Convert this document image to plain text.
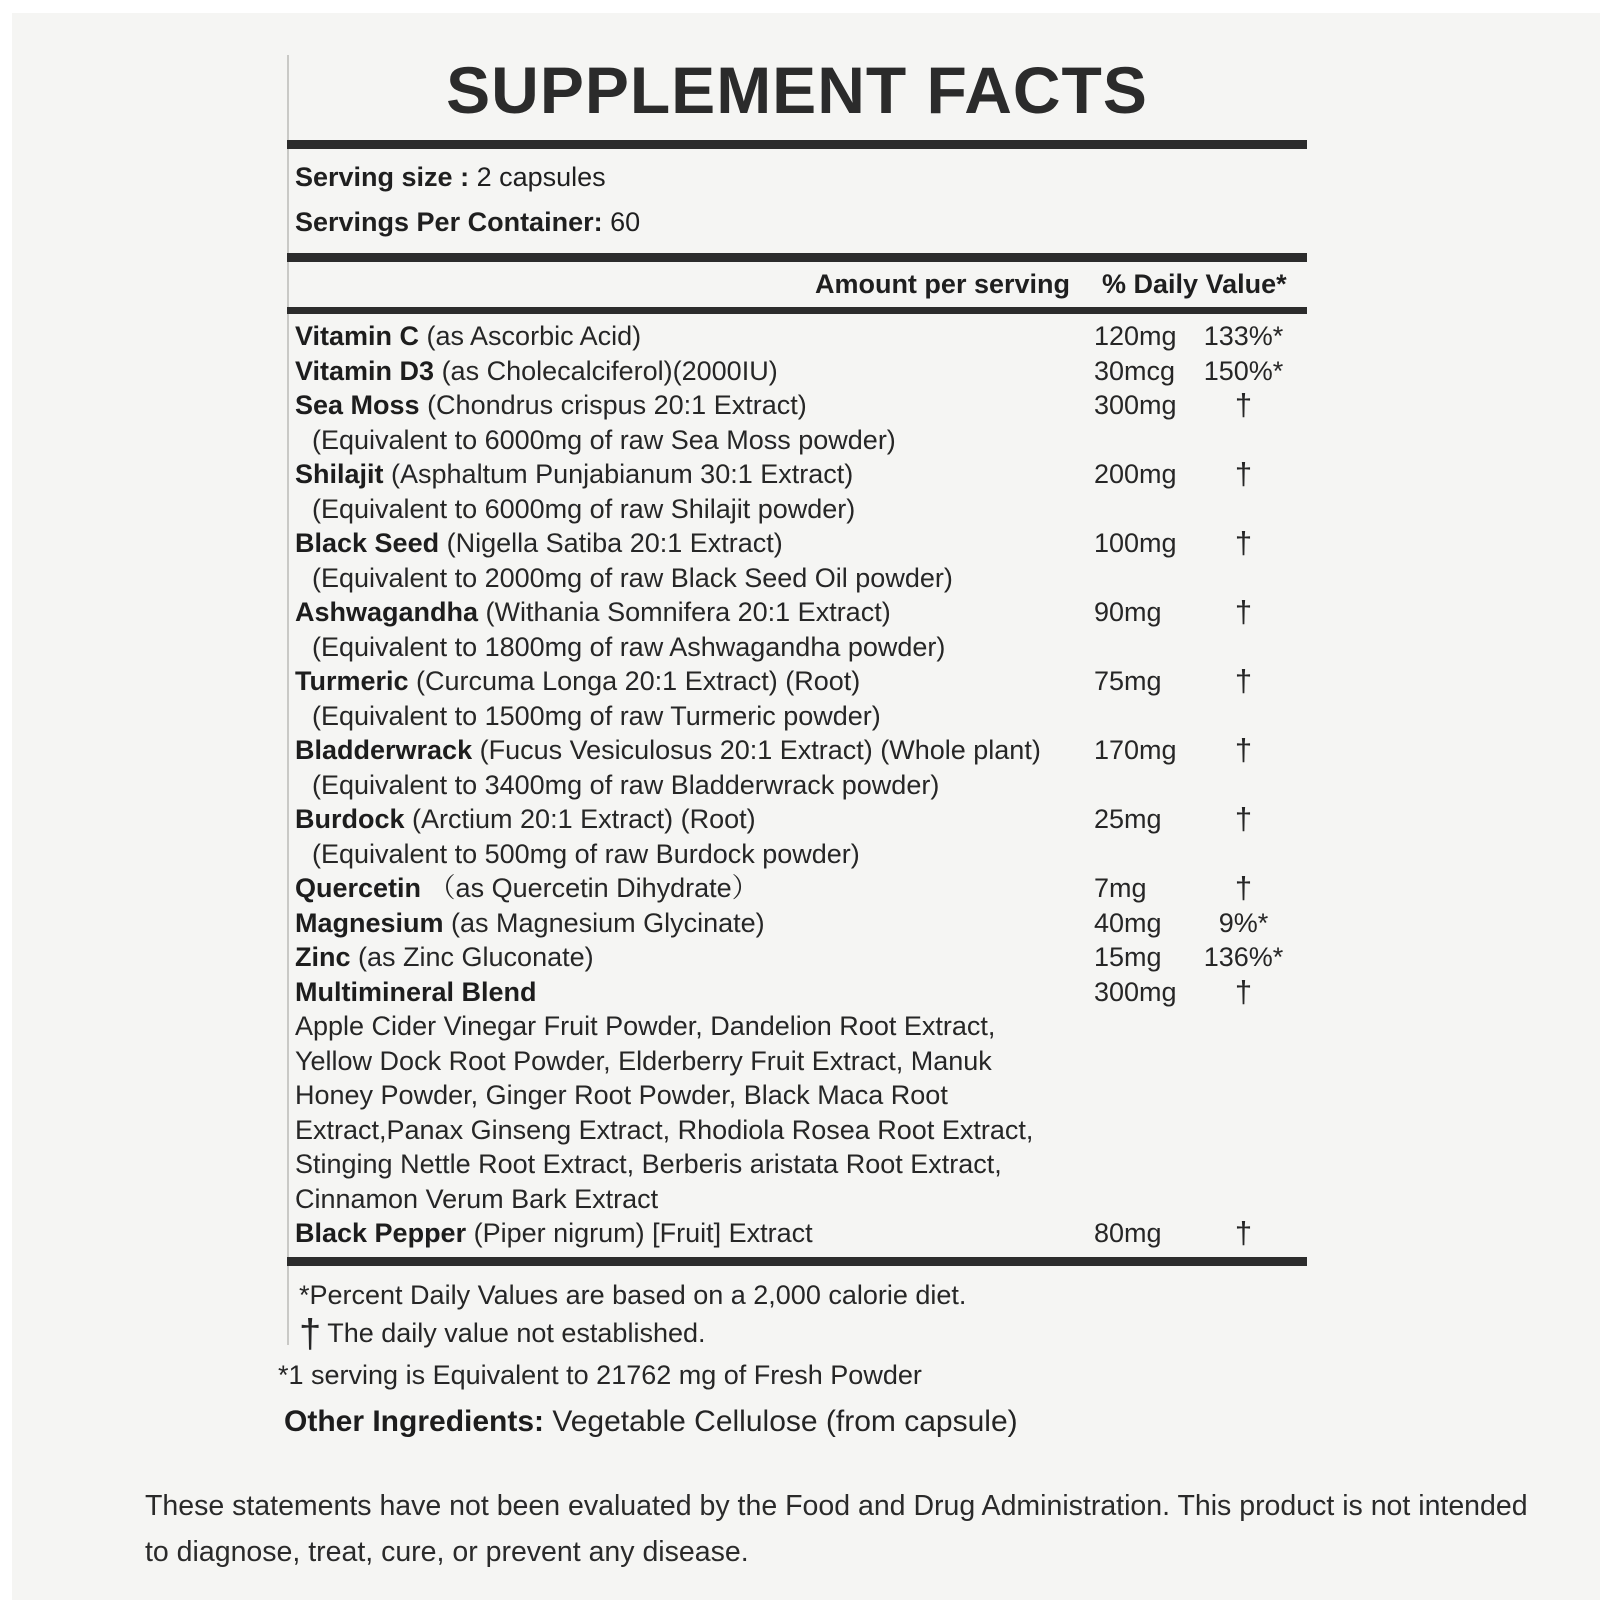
SUPPLEMENT FACTS
Serving size : 2 capsules
Servings Per Container: 60
Amount per serving	% Daily Value*
Vitamin C (as Ascorbic Acid)	120mg	133%*
Vitamin D3 (as Cholecalciferol)(2000IU)	30mcg	150%*
Sea Moss (Chondrus crispus 20:1 Extract)	300mg	†
(Equivalent to 6000mg of raw Sea Moss powder)
Shilajit (Asphaltum Punjabianum 30:1 Extract)	200mg	†
(Equivalent to 6000mg of raw Shilajit powder)
Black Seed (Nigella Satiba 20:1 Extract)	100mg	†
(Equivalent to 2000mg of raw Black Seed Oil powder)
Ashwagandha (Withania Somnifera 20:1 Extract)	90mg	†
(Equivalent to 1800mg of raw Ashwagandha powder)
Turmeric (Curcuma Longa 20:1 Extract) (Root)	75mg	†
(Equivalent to 1500mg of raw Turmeric powder)
Bladderwrack (Fucus Vesiculosus 20:1 Extract) (Whole plant)	170mg	†
(Equivalent to 3400mg of raw Bladderwrack powder)
Burdock (Arctium 20:1 Extract) (Root)	25mg	†
(Equivalent to 500mg of raw Burdock powder)
Quercetin （as Quercetin Dihydrate）	7mg	†
Magnesium (as Magnesium Glycinate)	40mg	9%*
Zinc (as Zinc Gluconate)	15mg	136%*
Multimineral Blend	300mg	†
Apple Cider Vinegar Fruit Powder, Dandelion Root Extract,
Yellow Dock Root Powder, Elderberry Fruit Extract, Manuk
Honey Powder, Ginger Root Powder, Black Maca Root
Extract,Panax Ginseng Extract, Rhodiola Rosea Root Extract,
Stinging Nettle Root Extract, Berberis aristata Root Extract,
Cinnamon Verum Bark Extract
Black Pepper (Piper nigrum) [Fruit] Extract	80mg	†
*Percent Daily Values are based on a 2,000 calorie diet.
† The daily value not established.
*1 serving is Equivalent to 21762 mg of Fresh Powder
Other Ingredients: Vegetable Cellulose (from capsule)
These statements have not been evaluated by the Food and Drug Administration. This product is not intended
to diagnose, treat, cure, or prevent any disease.
